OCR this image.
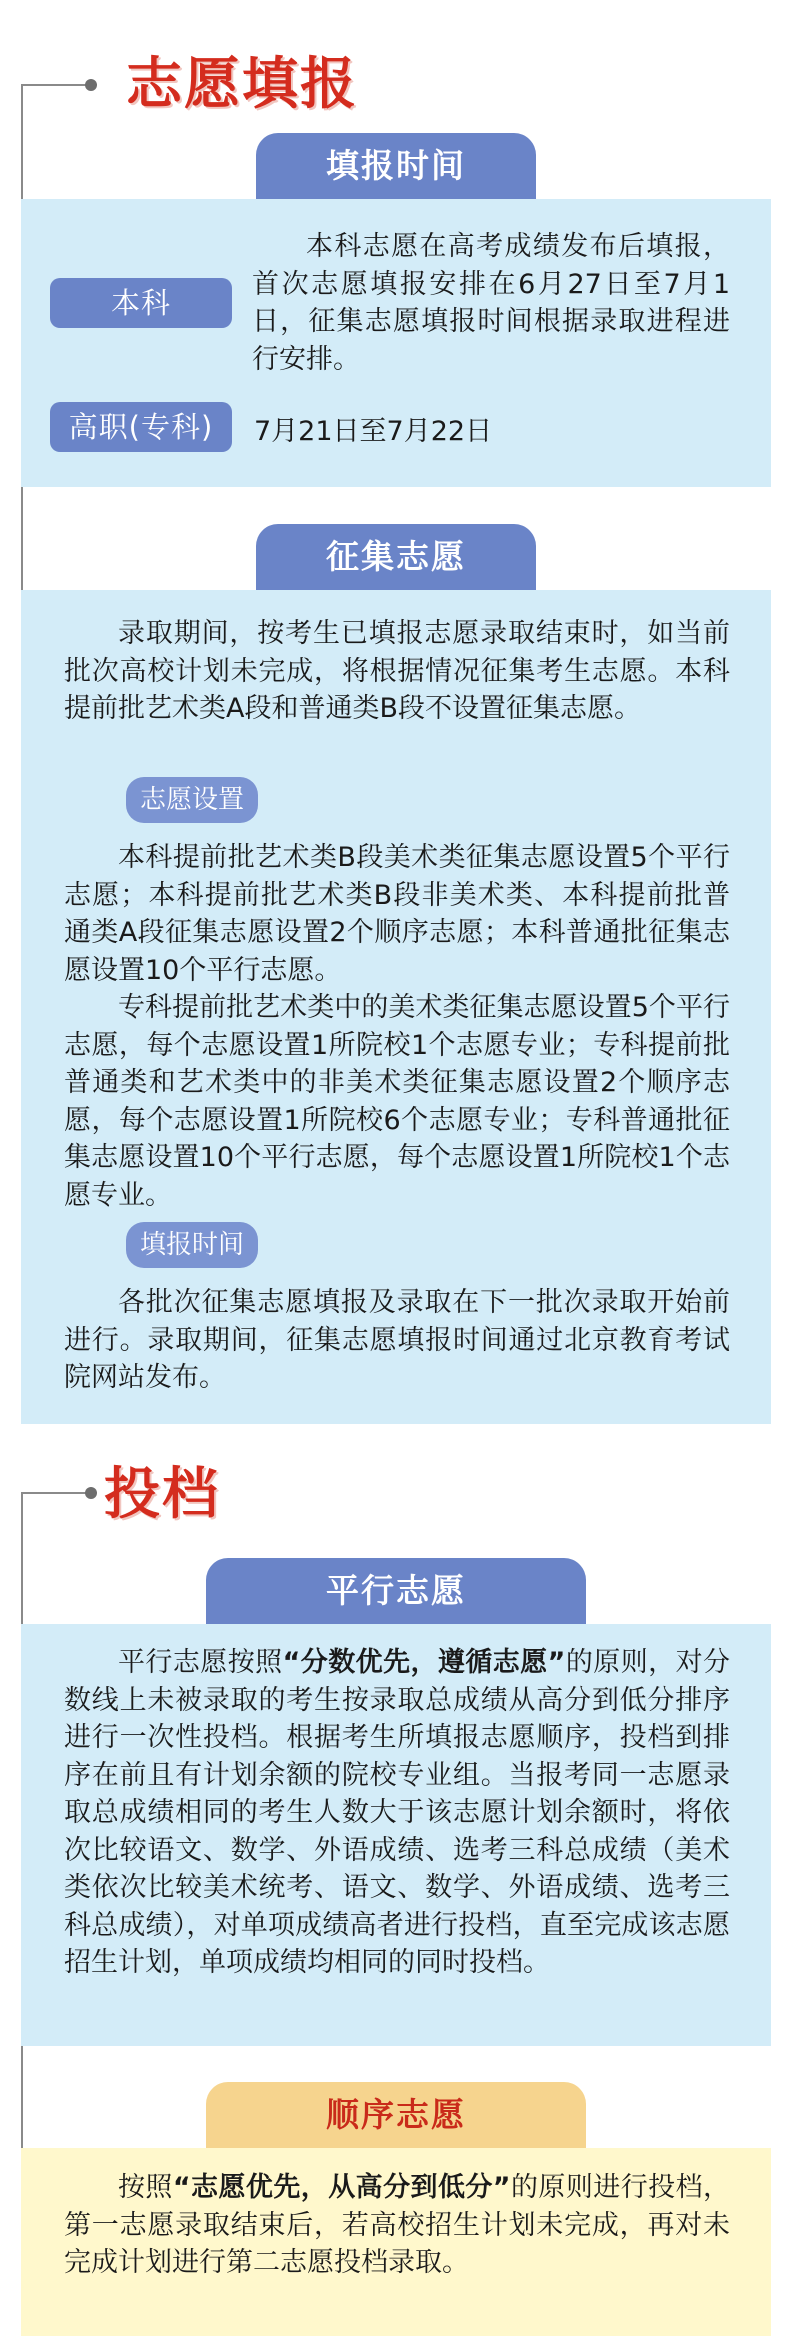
志愿填报
填报时间
本科

本科志愿在高考成绩发布后填报，首次志愿填报安排在6月27日至7月1日，征集志愿填报时间根据录取进程进行安排。

高职(专科)	7月21日至7月22日

征集志愿

录取期间，按考生已填报志愿录取结束时，如当前批次高校计划未完成，将根据情况征集考生志愿。本科提前批艺术类A段和普通类B段不设置征集志愿。

志愿设置

本科提前批艺术类B段美术类征集志愿设置5个平行志愿；本科提前批艺术类B段非美术类、本科提前批普通类A段征集志愿设置2个顺序志愿；本科普通批征集志愿设置10个平行志愿。

专科提前批艺术类中的美术类征集志愿设置5个平行志愿，每个志愿设置1所院校1个志愿专业；专科提前批普通类和艺术类中的非美术类征集志愿设置2个顺序志愿，每个志愿设置1所院校6个志愿专业；专科普通批征集志愿设置10个平行志愿，每个志愿设置1所院校1个志愿专业。

填报时间

各批次征集志愿填报及录取在下一批次录取开始前进行。录取期间，征集志愿填报时间通过北京教育考试院网站发布。

投档
平行志愿

平行志愿按照“分数优先，遵循志愿”的原则，对分数线上未被录取的考生按录取总成绩从高分到低分排序进行一次性投档。根据考生所填报志愿顺序，投档到排序在前且有计划余额的院校专业组。当报考同一志愿录取总成绩相同的考生人数大于该志愿计划余额时，将依次比较语文、数学、外语成绩、选考三科总成绩（美术类依次比较美术统考、语文、数学、外语成绩、选考三科总成绩），对单项成绩高者进行投档，直至完成该志愿招生计划，单项成绩均相同的同时投档。

顺序志愿

按照“志愿优先，从高分到低分”的原则进行投档，第一志愿录取结束后，若高校招生计划未完成，再对未完成计划进行第二志愿投档录取。
